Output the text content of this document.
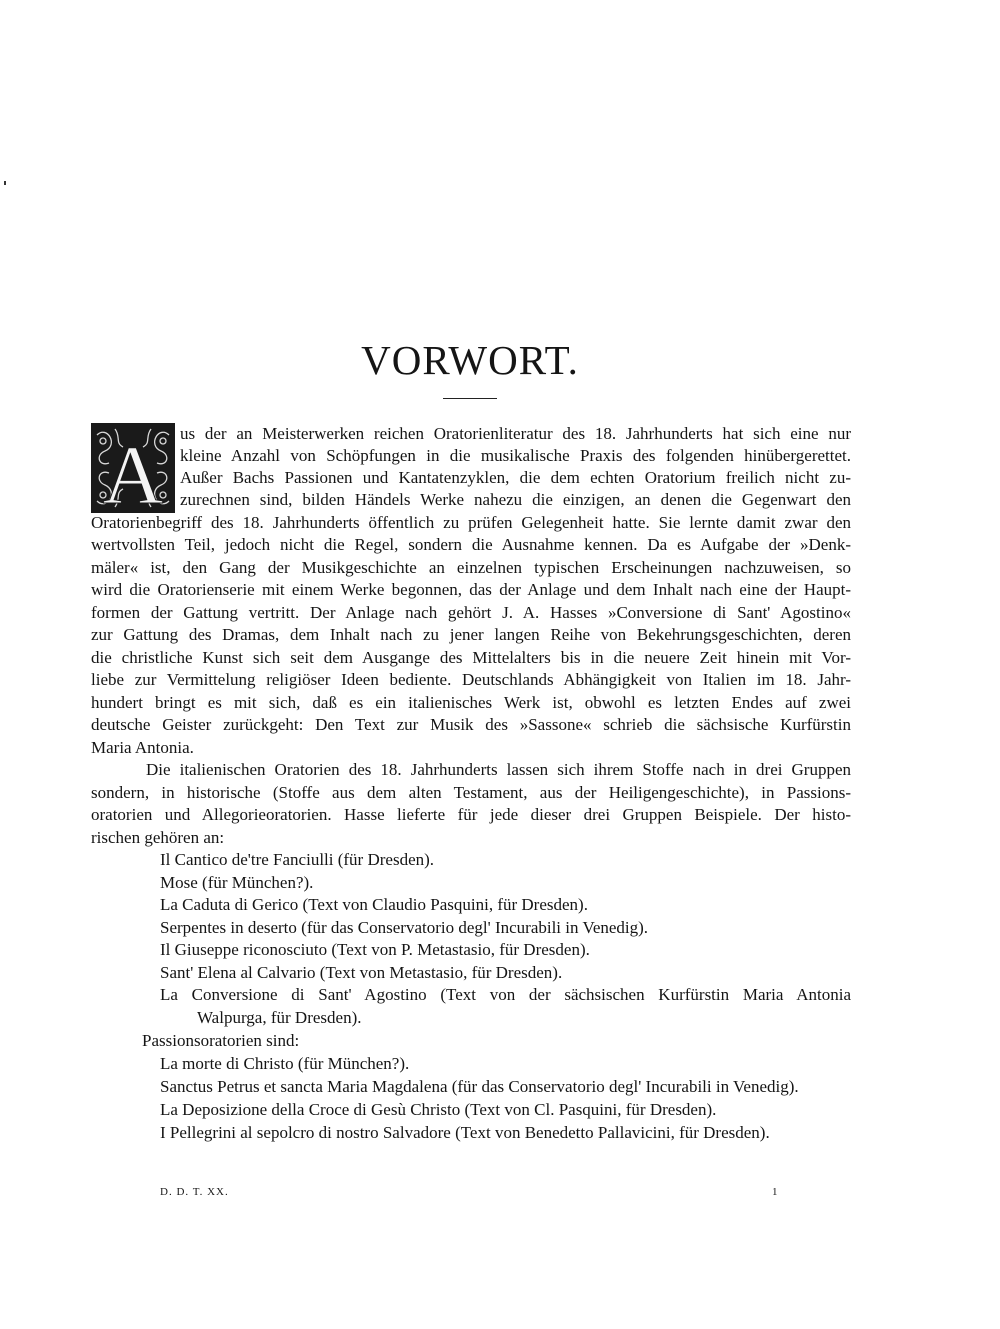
VORWORT.
A us der an Meisterwerken reichen Oratorienliteratur des 18. Jahrhunderts hat sich eine nur
kleine Anzahl von Schöpfungen in die musikalische Praxis des folgenden hinübergerettet.
Außer Bachs Passionen und Kantatenzyklen, die dem echten Oratorium freilich nicht zu-
zurechnen sind, bilden Händels Werke nahezu die einzigen, an denen die Gegenwart den
Oratorienbegriff des 18. Jahrhunderts öffentlich zu prüfen Gelegenheit hatte. Sie lernte damit zwar den
wertvollsten Teil, jedoch nicht die Regel, sondern die Ausnahme kennen. Da es Aufgabe der »Denk-
mäler« ist, den Gang der Musikgeschichte an einzelnen typischen Erscheinungen nachzuweisen, so
wird die Oratorienserie mit einem Werke begonnen, das der Anlage und dem Inhalt nach eine der Haupt-
formen der Gattung vertritt. Der Anlage nach gehört J. A. Hasses »Conversione di Sant' Agostino«
zur Gattung des Dramas, dem Inhalt nach zu jener langen Reihe von Bekehrungsgeschichten, deren
die christliche Kunst sich seit dem Ausgange des Mittelalters bis in die neuere Zeit hinein mit Vor-
liebe zur Vermittelung religiöser Ideen bediente. Deutschlands Abhängigkeit von Italien im 18. Jahr-
hundert bringt es mit sich, daß es ein italienisches Werk ist, obwohl es letzten Endes auf zwei
deutsche Geister zurückgeht: Den Text zur Musik des »Sassone« schrieb die sächsische Kurfürstin
Maria Antonia.
Die italienischen Oratorien des 18. Jahrhunderts lassen sich ihrem Stoffe nach in drei Gruppen
sondern, in historische (Stoffe aus dem alten Testament, aus der Heiligengeschichte), in Passions-
oratorien und Allegorieoratorien. Hasse lieferte für jede dieser drei Gruppen Beispiele. Der histo-
rischen gehören an:
Il Cantico de'tre Fanciulli (für Dresden).
Mose (für München?).
La Caduta di Gerico (Text von Claudio Pasquini, für Dresden).
Serpentes in deserto (für das Conservatorio degl' Incurabili in Venedig).
Il Giuseppe riconosciuto (Text von P. Metastasio, für Dresden).
Sant' Elena al Calvario (Text von Metastasio, für Dresden).
La Conversione di Sant' Agostino (Text von der sächsischen Kurfürstin Maria Antonia
Walpurga, für Dresden).
Passionsoratorien sind:
La morte di Christo (für München?).
Sanctus Petrus et sancta Maria Magdalena (für das Conservatorio degl' Incurabili in Venedig).
La Deposizione della Croce di Gesù Christo (Text von Cl. Pasquini, für Dresden).
I Pellegrini al sepolcro di nostro Salvadore (Text von Benedetto Pallavicini, für Dresden).
D. D. T. XX.	1
